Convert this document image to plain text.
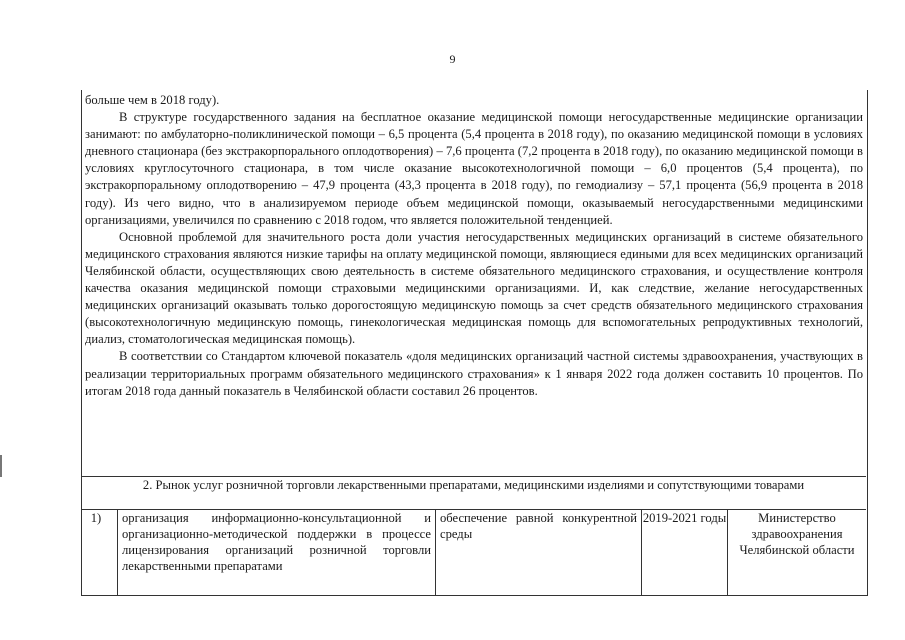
9

больше чем в 2018 году).

В структуре государственного задания на бесплатное оказание медицинской помощи негосударственные медицинские организации занимают: по амбулаторно-поликлинической помощи – 6,5 процента (5,4 процента в 2018 году), по оказанию медицинской помощи в условиях дневного стационара (без экстракорпорального оплодотворения) – 7,6 процента (7,2 процента в 2018 году), по оказанию медицинской помощи в условиях круглосуточного стационара, в том числе оказание высокотехнологичной помощи – 6,0 процентов (5,4 процента), по экстракорпоральному оплодотворению – 47,9 процента (43,3 процента в 2018 году), по гемодиализу – 57,1 процента (56,9 процента в 2018 году). Из чего видно, что в анализируемом периоде объем медицинской помощи, оказываемый негосударственными медицинскими организациями, увеличился по сравнению с 2018 годом, что является положительной тенденцией.

Основной проблемой для значительного роста доли участия негосударственных медицинских организаций в системе обязательного медицинского страхования являются низкие тарифы на оплату медицинской помощи, являющиеся едиными для всех медицинских организаций Челябинской области, осуществляющих свою деятельность в системе обязательного медицинского страхования, и осуществление контроля качества оказания медицинской помощи страховыми медицинскими организациями. И, как следствие, желание негосударственных медицинских организаций оказывать только дорогостоящую медицинскую помощь за счет средств обязательного медицинского страхования (высокотехнологичную медицинскую помощь, гинекологическая медицинская помощь для вспомогательных репродуктивных технологий, диализ, стоматологическая медицинская помощь).

В соответствии со Стандартом ключевой показатель «доля медицинских организаций частной системы здравоохранения, участвующих в реализации территориальных программ обязательного медицинского страхования» к 1 января 2022 года должен составить 10 процентов. По итогам 2018 года данный показатель в Челябинской области составил 26 процентов.

2. Рынок услуг розничной торговли лекарственными препаратами, медицинскими изделиями и сопутствующими товарами
1)	организация информационно-консультационной и организационно-методической поддержки в процессе лицензирования организаций розничной торговли лекарственными препаратами
обеспечение равной конкурентной среды
2019-2021 годы	Министерство здравоохранения Челябинской области
